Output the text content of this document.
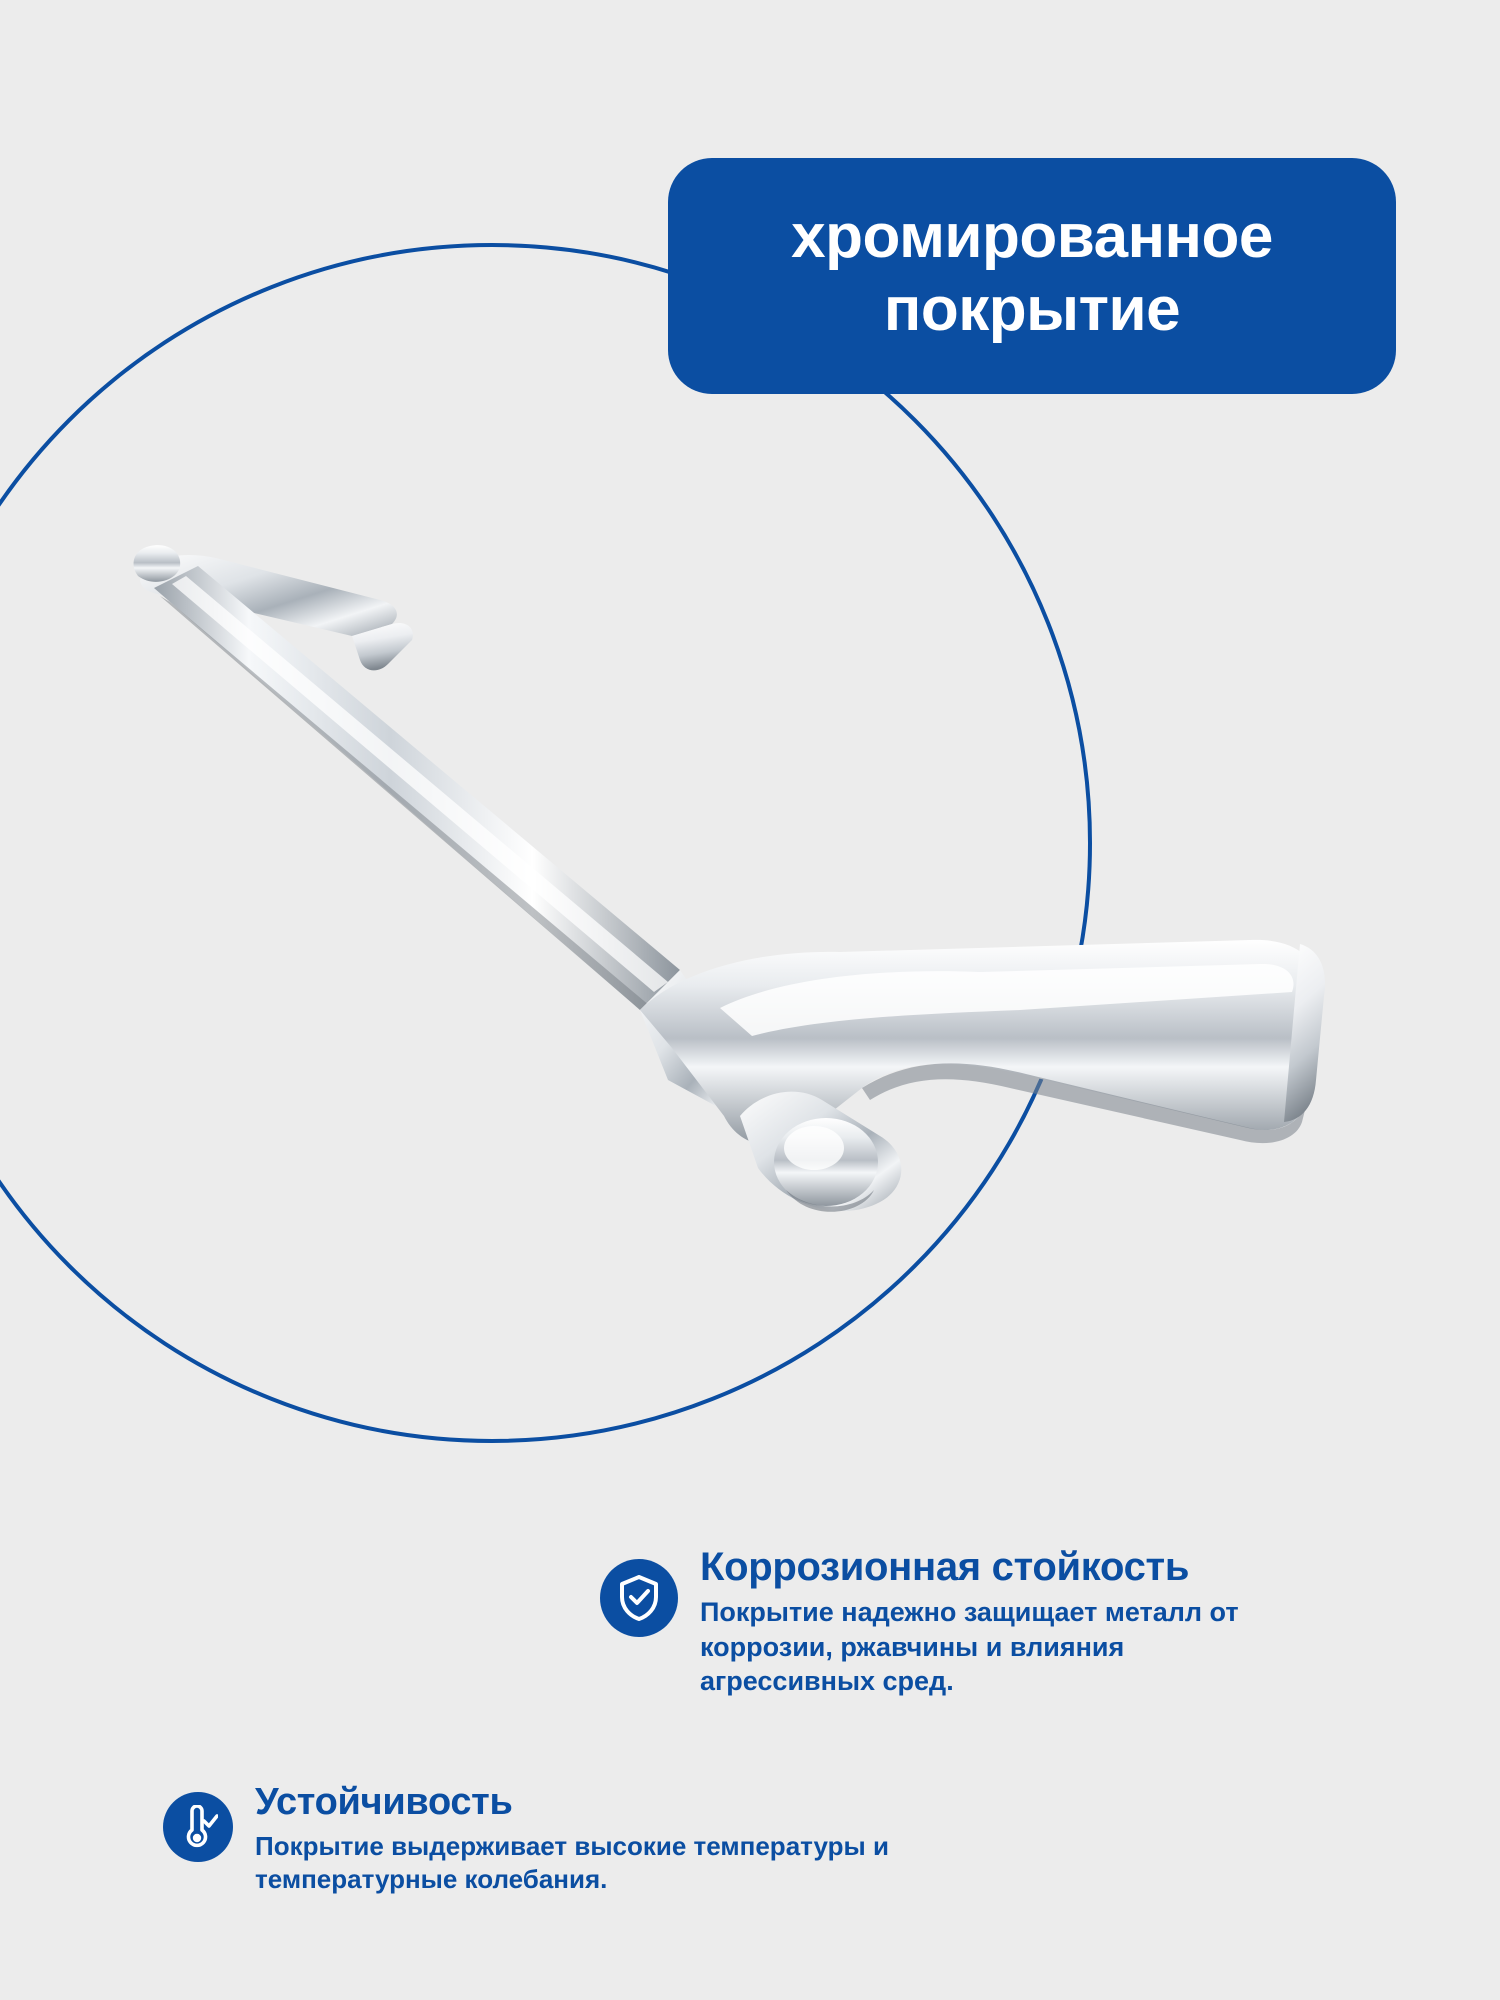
хромированное покрытие

Коррозионная стойкость

Покрытие надежно защищает металл от коррозии, ржавчины и влияния агрессивных сред.

Устойчивость

Покрытие выдерживает высокие температуры и температурные колебания.
